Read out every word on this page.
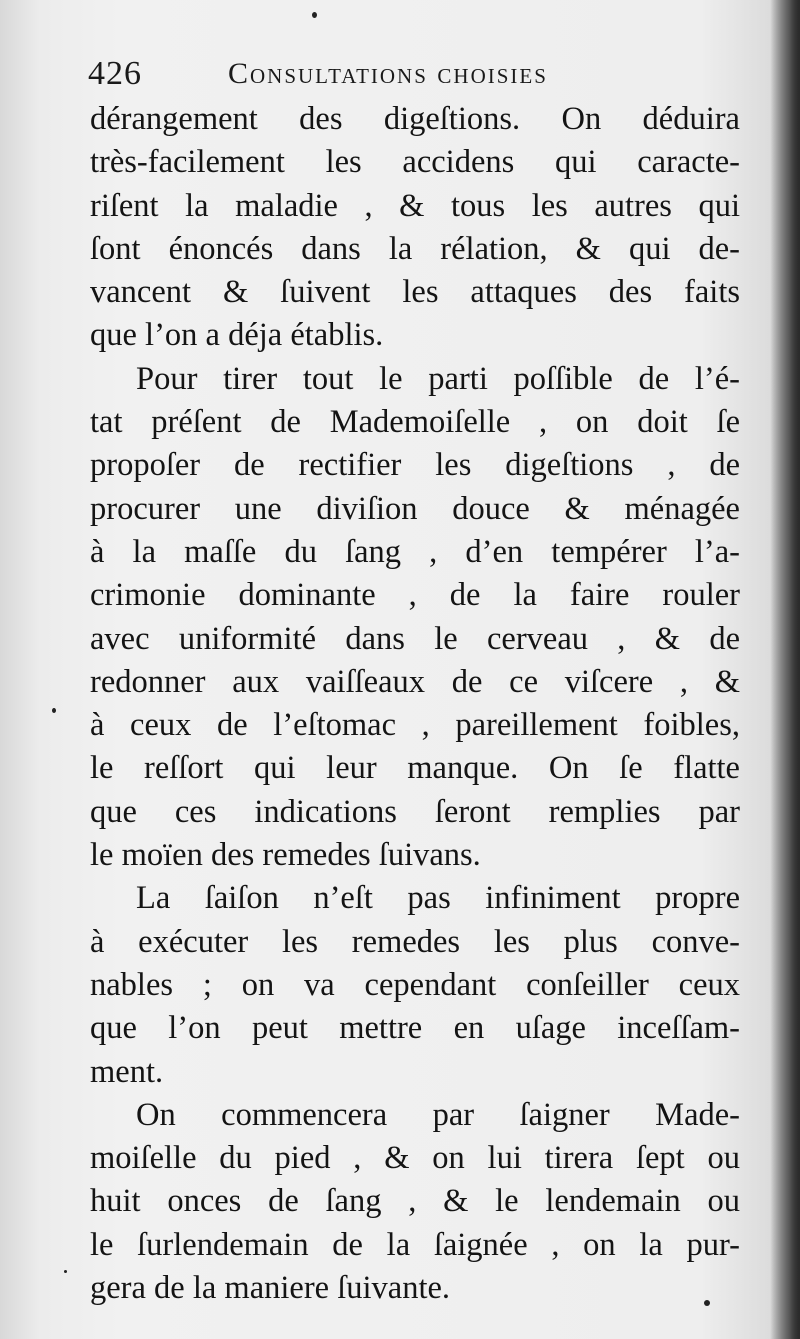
426	Consultations choisies
dérangement des digeſtions. On déduira
très-facilement les accidens qui caracte-
riſent la maladie , & tous les autres qui
ſont énoncés dans la rélation, & qui de-
vancent & ſuivent les attaques des faits
que l’on a déja établis.
Pour tirer tout le parti poſſible de l’é-
tat préſent de Mademoiſelle , on doit ſe
propoſer de rectifier les digeſtions , de
procurer une diviſion douce & ménagée
à la maſſe du ſang , d’en tempérer l’a-
crimonie dominante , de la faire rouler
avec uniformité dans le cerveau , & de
redonner aux vaiſſeaux de ce viſcere , &
à ceux de l’eſtomac , pareillement foibles,
le reſſort qui leur manque. On ſe flatte
que ces indications ſeront remplies par
le moïen des remedes ſuivans.
La ſaiſon n’eſt pas infiniment propre
à exécuter les remedes les plus conve-
nables ; on va cependant conſeiller ceux
que l’on peut mettre en uſage inceſſam-
ment.
On commencera par ſaigner Made-
moiſelle du pied , & on lui tirera ſept ou
huit onces de ſang , & le lendemain ou
le ſurlendemain de la ſaignée , on la pur-
gera de la maniere ſuivante.
